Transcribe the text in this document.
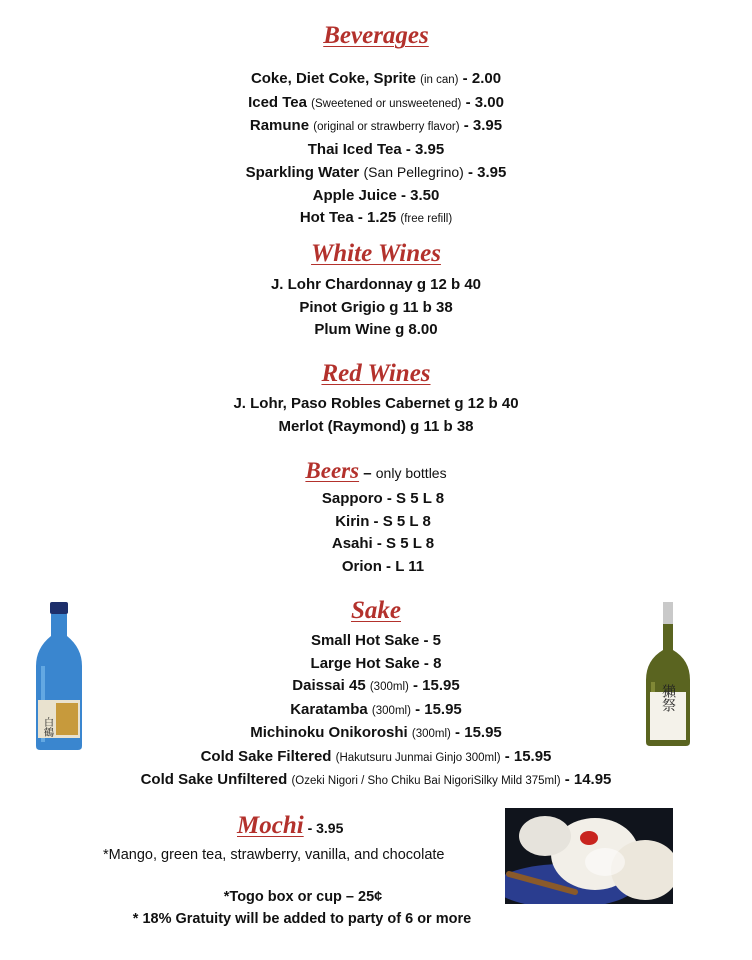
Beverages
Coke, Diet Coke, Sprite (in can) - 2.00
Iced Tea (Sweetened or unsweetened) - 3.00
Ramune (original or strawberry flavor) - 3.95
Thai Iced Tea - 3.95
Sparkling Water (San Pellegrino) - 3.95
Apple Juice - 3.50
Hot Tea - 1.25 (free refill)
White Wines
J. Lohr Chardonnay g 12 b 40
Pinot Grigio g 11 b 38
Plum Wine g 8.00
Red Wines
J. Lohr, Paso Robles Cabernet g 12 b 40
Merlot (Raymond) g 11 b 38
Beers – only bottles
Sapporo - S 5 L 8
Kirin - S 5 L 8
Asahi - S 5 L 8
Orion - L 11
Sake
Small Hot Sake - 5
Large Hot Sake - 8
Daissai 45 (300ml) - 15.95
Karatamba (300ml) - 15.95
Michinoku Onikoroshi (300ml) - 15.95
Cold Sake Filtered (Hakutsuru Junmai Ginjo 300ml) - 15.95
Cold Sake Unfiltered (Ozeki Nigori / Sho Chiku Bai NigoriSilky Mild 375ml) - 14.95
白鶴
獺祭
Mochi - 3.95
*Mango, green tea, strawberry, vanilla, and chocolate
*Togo box or cup – 25¢
* 18% Gratuity will be added to party of 6 or more
